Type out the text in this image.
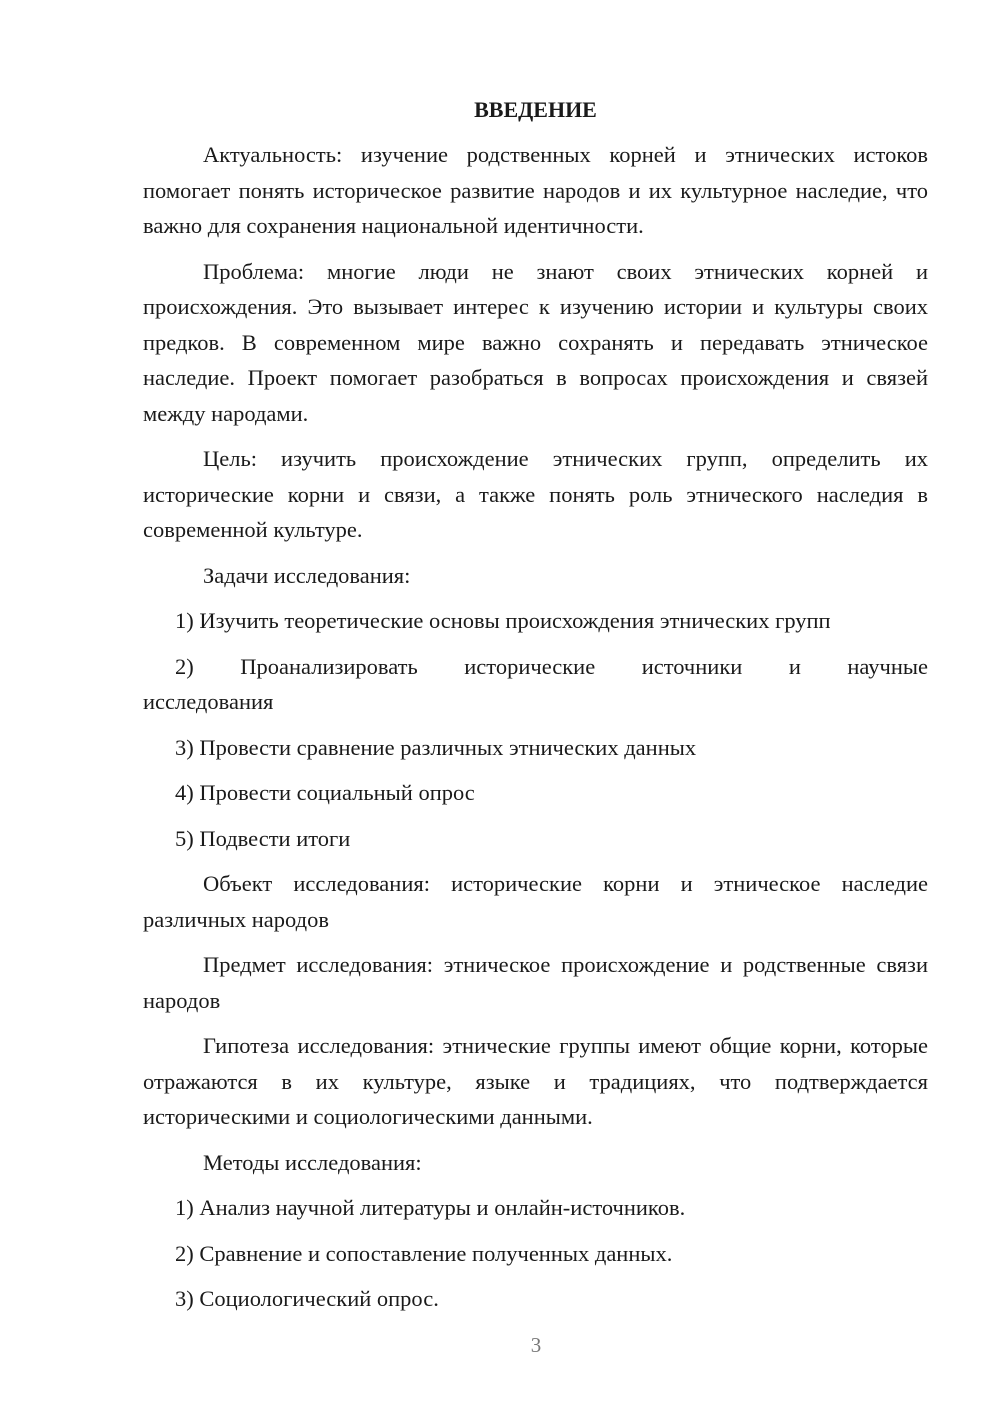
ВВЕДЕНИЕ

Актуальность: изучение родственных корней и этнических истоков помогает понять историческое развитие народов и их культурное наследие, что важно для сохранения национальной идентичности.

Проблема: многие люди не знают своих этнических корней и происхождения. Это вызывает интерес к изучению истории и культуры своих предков. В современном мире важно сохранять и передавать этническое наследие. Проект помогает разобраться в вопросах происхождения и связей между народами.

Цель: изучить происхождение этнических групп, определить их исторические корни и связи, а также понять роль этнического наследия в современной культуре.

Задачи исследования:

1) Изучить теоретические основы происхождения этнических групп

2) Проанализировать исторические источники и научные
исследования

3) Провести сравнение различных этнических данных

4) Провести социальный опрос

5) Подвести итоги

Объект исследования: исторические корни и этническое наследие различных народов

Предмет исследования: этническое происхождение и родственные связи народов

Гипотеза исследования: этнические группы имеют общие корни, которые отражаются в их культуре, языке и традициях, что подтверждается историческими и социологическими данными.

Методы исследования:

1) Анализ научной литературы и онлайн-источников.

2) Сравнение и сопоставление полученных данных.

3) Социологический опрос.

3
